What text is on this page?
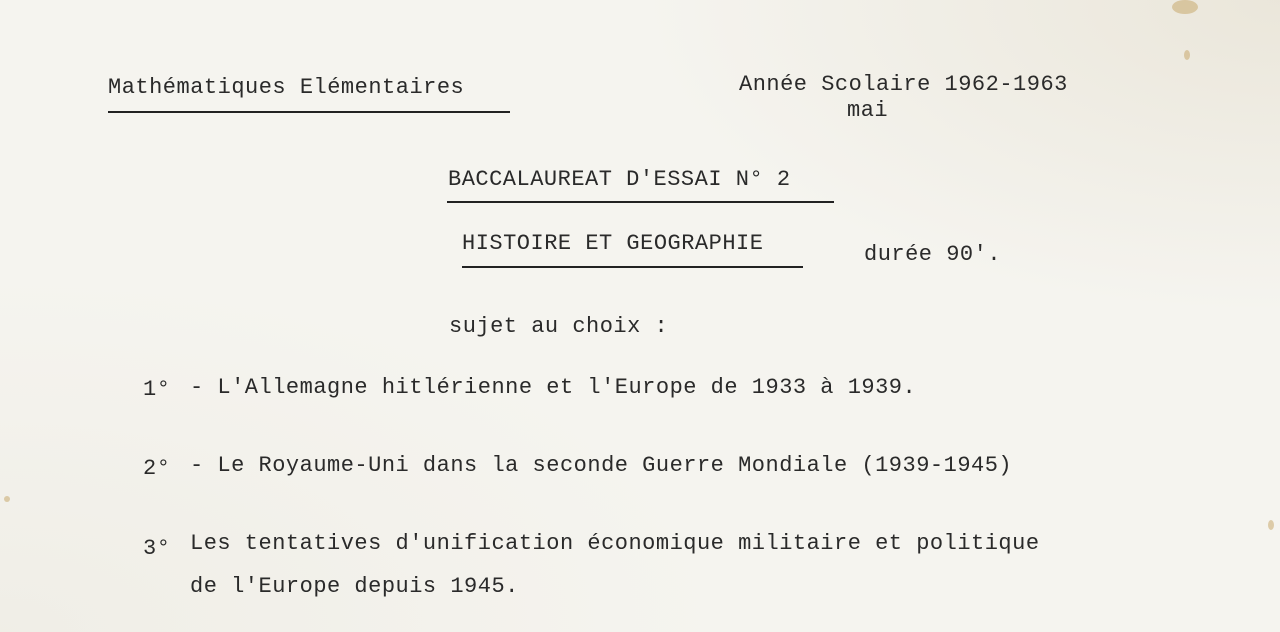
Mathématiques Elémentaires	Année Scolaire 1962-1963
mai
BACCALAUREAT D'ESSAI N° 2
HISTOIRE ET GEOGRAPHIE	durée 90'.
sujet au choix :
1° - L'Allemagne hitlérienne et l'Europe de 1933 à 1939.
2° - Le Royaume-Uni dans la seconde Guerre Mondiale (1939-1945)
3° Les tentatives d'unification économique militaire et politique
de l'Europe depuis 1945.
